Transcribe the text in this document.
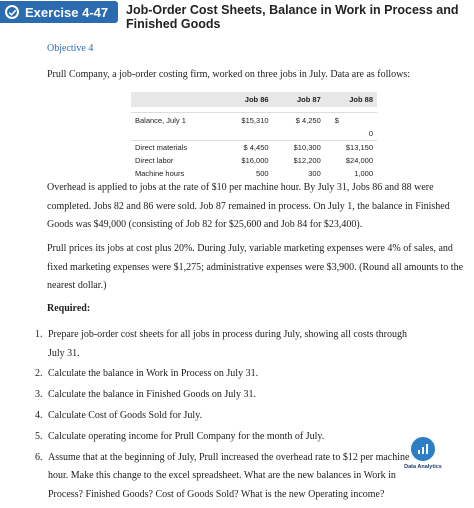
Exercise 4-47 Job-Order Cost Sheets, Balance in Work in Process and Finished Goods
Objective 4
Prull Company, a job-order costing firm, worked on three jobs in July. Data are as follows:
	Job 86	Job 87	Job 88

Balance, July 1	$15,310	$ 4,250	$
			0
Direct materials	$ 4,450	$10,300	$13,150
Direct labor	$16,000	$12,200	$24,000
Machine hours	500	300	1,000
Overhead is applied to jobs at the rate of $10 per machine hour. By July 31, Jobs 86 and 88 were completed. Jobs 82 and 86 were sold. Job 87 remained in process. On July 1, the balance in Finished Goods was $49,000 (consisting of Job 82 for $25,600 and Job 84 for $23,400).
Prull prices its jobs at cost plus 20%. During July, variable marketing expenses were 4% of sales, and fixed marketing expenses were $1,275; administrative expenses were $3,900. (Round all amounts to the nearest dollar.)
Required:
1. Prepare job-order cost sheets for all jobs in process during July, showing all costs through July 31.
2. Calculate the balance in Work in Process on July 31.
3. Calculate the balance in Finished Goods on July 31.
4. Calculate Cost of Goods Sold for July.
5. Calculate operating income for Prull Company for the month of July.
6. Assume that at the beginning of July, Prull increased the overhead rate to $12 per machine hour. Make this change to the excel spreadsheet. What are the new balances in Work in Process? Finished Goods? Cost of Goods Sold? What is the new Operating income?
Data Analytics
